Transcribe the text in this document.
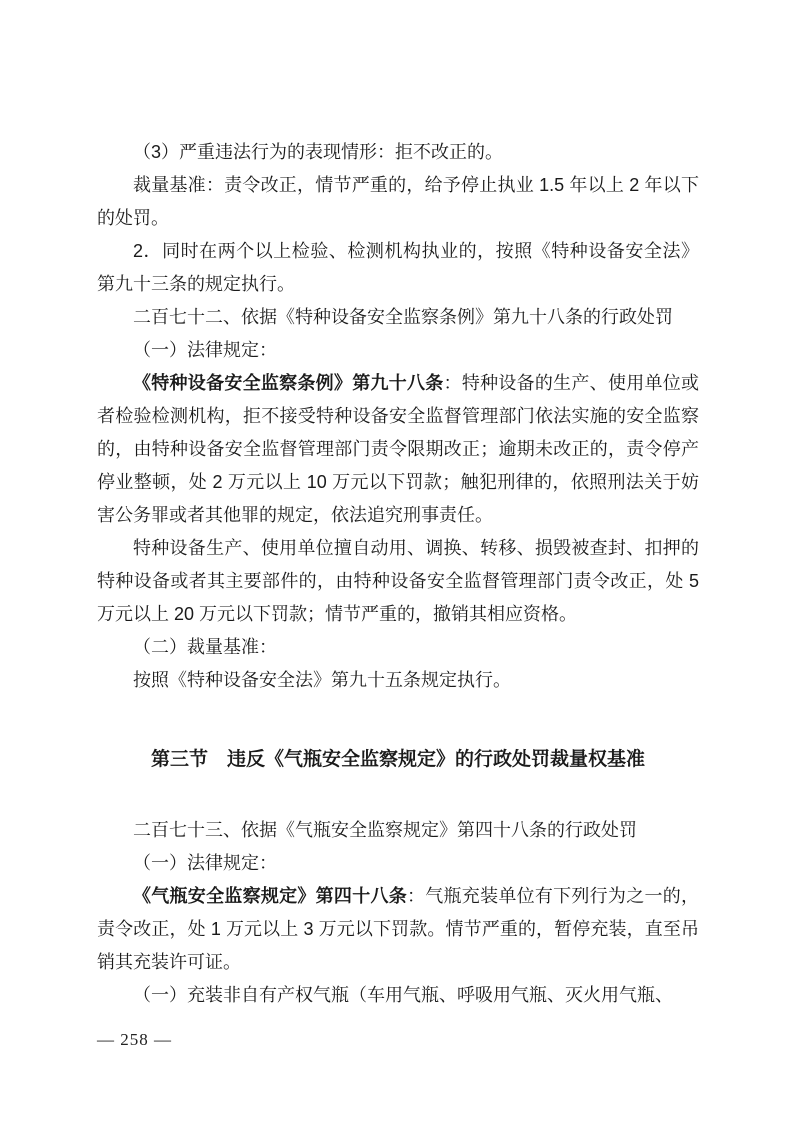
（3）严重违法行为的表现情形：拒不改正的。

裁量基准：责令改正，情节严重的，给予停止执业 1.5 年以上 2 年以下的处罚。

2．同时在两个以上检验、检测机构执业的，按照《特种设备安全法》第九十三条的规定执行。

二百七十二、依据《特种设备安全监察条例》第九十八条的行政处罚

（一）法律规定：

《特种设备安全监察条例》第九十八条：特种设备的生产、使用单位或者检验检测机构，拒不接受特种设备安全监督管理部门依法实施的安全监察的，由特种设备安全监督管理部门责令限期改正；逾期未改正的，责令停产停业整顿，处 2 万元以上 10 万元以下罚款；触犯刑律的，依照刑法关于妨害公务罪或者其他罪的规定，依法追究刑事责任。

特种设备生产、使用单位擅自动用、调换、转移、损毁被查封、扣押的特种设备或者其主要部件的，由特种设备安全监督管理部门责令改正，处 5 万元以上 20 万元以下罚款；情节严重的，撤销其相应资格。

（二）裁量基准：

按照《特种设备安全法》第九十五条规定执行。

第三节　违反《气瓶安全监察规定》的行政处罚裁量权基准

二百七十三、依据《气瓶安全监察规定》第四十八条的行政处罚

（一）法律规定：

《气瓶安全监察规定》第四十八条：气瓶充装单位有下列行为之一的，责令改正，处 1 万元以上 3 万元以下罚款。情节严重的，暂停充装，直至吊销其充装许可证。

（一）充装非自有产权气瓶（车用气瓶、呼吸用气瓶、灭火用气瓶、

— 258 —
